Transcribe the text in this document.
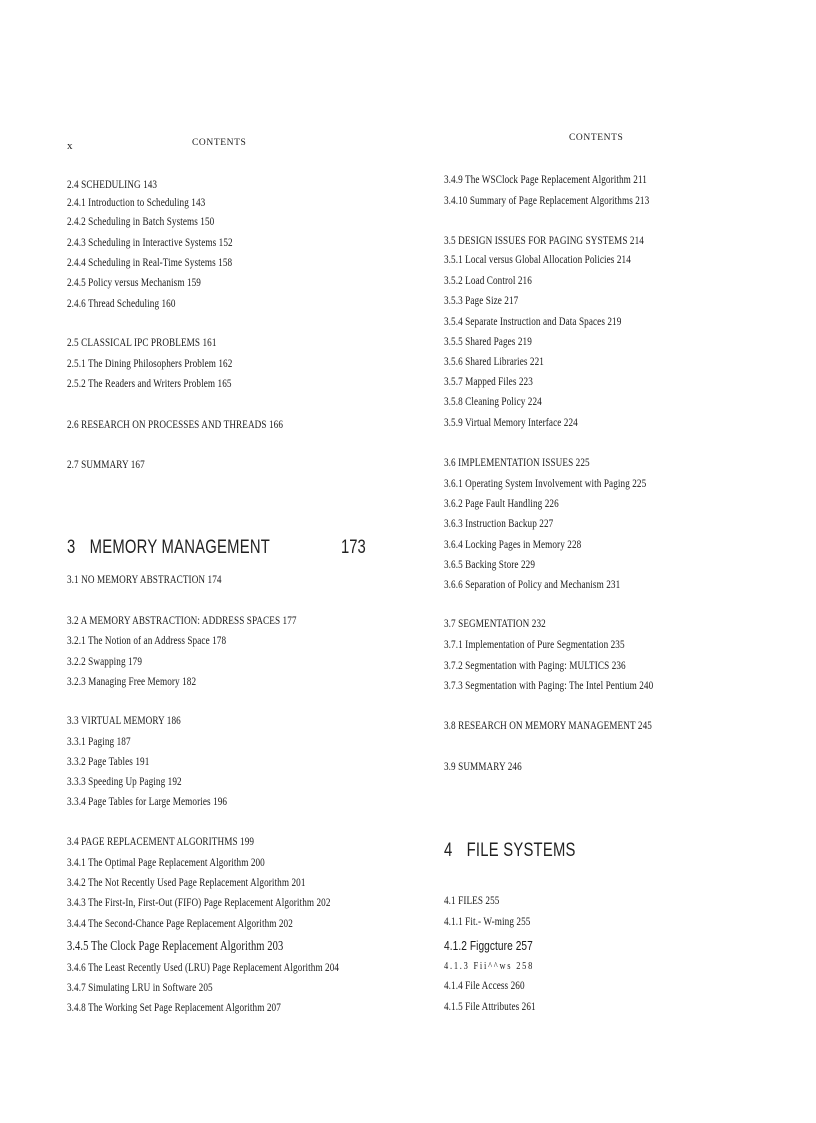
x	CONTENTS
2.4 SCHEDULING 143
2.4.1 Introduction to Scheduling 143
2.4.2 Scheduling in Batch Systems 150
2.4.3 Scheduling in Interactive Systems 152
2.4.4 Scheduling in Real-Time Systems 158
2.4.5 Policy versus Mechanism 159
2.4.6 Thread Scheduling 160
2.5 CLASSICAL IPC PROBLEMS 161
2.5.1 The Dining Philosophers Problem 162
2.5.2 The Readers and Writers Problem 165
2.6 RESEARCH ON PROCESSES AND THREADS 166
2.7 SUMMARY 167
3 MEMORY MANAGEMENT	173
3.1 NO MEMORY ABSTRACTION 174
3.2 A MEMORY ABSTRACTION: ADDRESS SPACES 177
3.2.1 The Notion of an Address Space 178
3.2.2 Swapping 179
3.2.3 Managing Free Memory 182
3.3 VIRTUAL MEMORY 186
3.3.1 Paging 187
3.3.2 Page Tables 191
3.3.3 Speeding Up Paging 192
3.3.4 Page Tables for Large Memories 196
3.4 PAGE REPLACEMENT ALGORITHMS 199
3.4.1 The Optimal Page Replacement Algorithm 200
3.4.2 The Not Recently Used Page Replacement Algorithm 201
3.4.3 The First-In, First-Out (FIFO) Page Replacement Algorithm 202
3.4.4 The Second-Chance Page Replacement Algorithm 202
3.4.5 The Clock Page Replacement Algorithm 203
3.4.6 The Least Recently Used (LRU) Page Replacement Algorithm 204
3.4.7 Simulating LRU in Software 205
3.4.8 The Working Set Page Replacement Algorithm 207
CONTENTS
3.4.9 The WSClock Page Replacement Algorithm 211
3.4.10 Summary of Page Replacement Algorithms 213
3.5 DESIGN ISSUES FOR PAGING SYSTEMS 214
3.5.1 Local versus Global Allocation Policies 214
3.5.2 Load Control 216
3.5.3 Page Size 217
3.5.4 Separate Instruction and Data Spaces 219
3.5.5 Shared Pages 219
3.5.6 Shared Libraries 221
3.5.7 Mapped Files 223
3.5.8 Cleaning Policy 224
3.5.9 Virtual Memory Interface 224
3.6 IMPLEMENTATION ISSUES 225
3.6.1 Operating System Involvement with Paging 225
3.6.2 Page Fault Handling 226
3.6.3 Instruction Backup 227
3.6.4 Locking Pages in Memory 228
3.6.5 Backing Store 229
3.6.6 Separation of Policy and Mechanism 231
3.7 SEGMENTATION 232
3.7.1 Implementation of Pure Segmentation 235
3.7.2 Segmentation with Paging: MULTICS 236
3.7.3 Segmentation with Paging: The Intel Pentium 240
3.8 RESEARCH ON MEMORY MANAGEMENT 245
3.9 SUMMARY 246
4 FILE SYSTEMS
4.1 FILES 255
4.1.1 Fit.- W-ming 255
4.1.2 Figgcture 257
4.1.3 Fii^^ws 258
4.1.4 File Access 260
4.1.5 File Attributes 261
